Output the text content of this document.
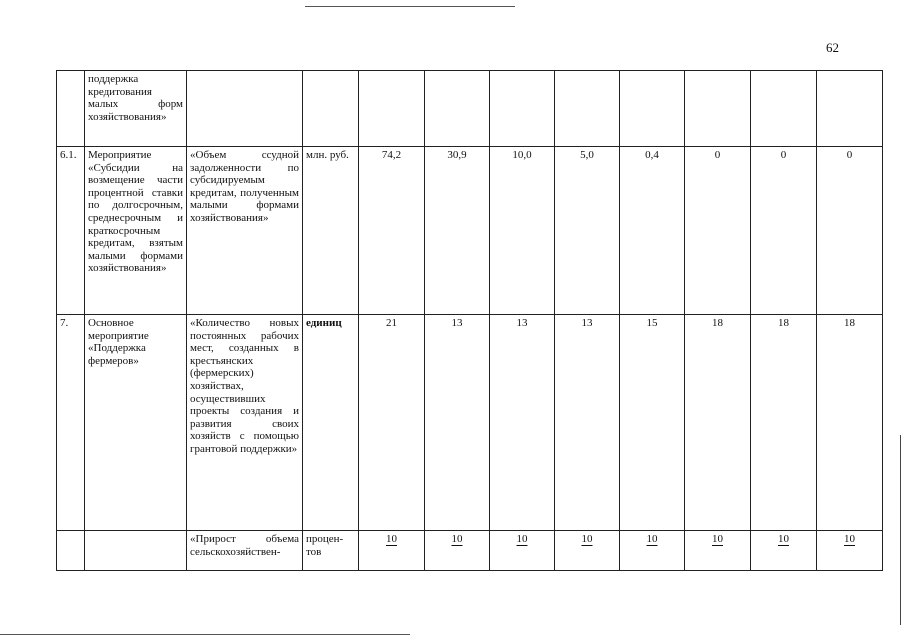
62
	поддержка кредитования малых форм хозяйствования»										
6.1.	Мероприятие «Субсидии на возмещение части процентной ставки по долгосрочным, среднесрочным и краткосрочным кредитам, взятым малыми формами хозяйствования»	«Объем ссудной задолженности по субсидируемым кредитам, полученным малыми формами хозяйствования»	млн. руб.	74,2	30,9	10,0	5,0	0,4	0	0	0
7.	Основное мероприятие «Поддержка фермеров»	«Количество новых постоянных рабочих мест, созданных в крестьянских (фермерских) хозяйствах, осуществивших проекты создания и развития своих хозяйств с помощью грантовой поддержки»	единиц	21	13	13	13	15	18	18	18
		«Прирост объема сельскохозяйствен-	процен-тов	10	10	10	10	10	10	10	10
